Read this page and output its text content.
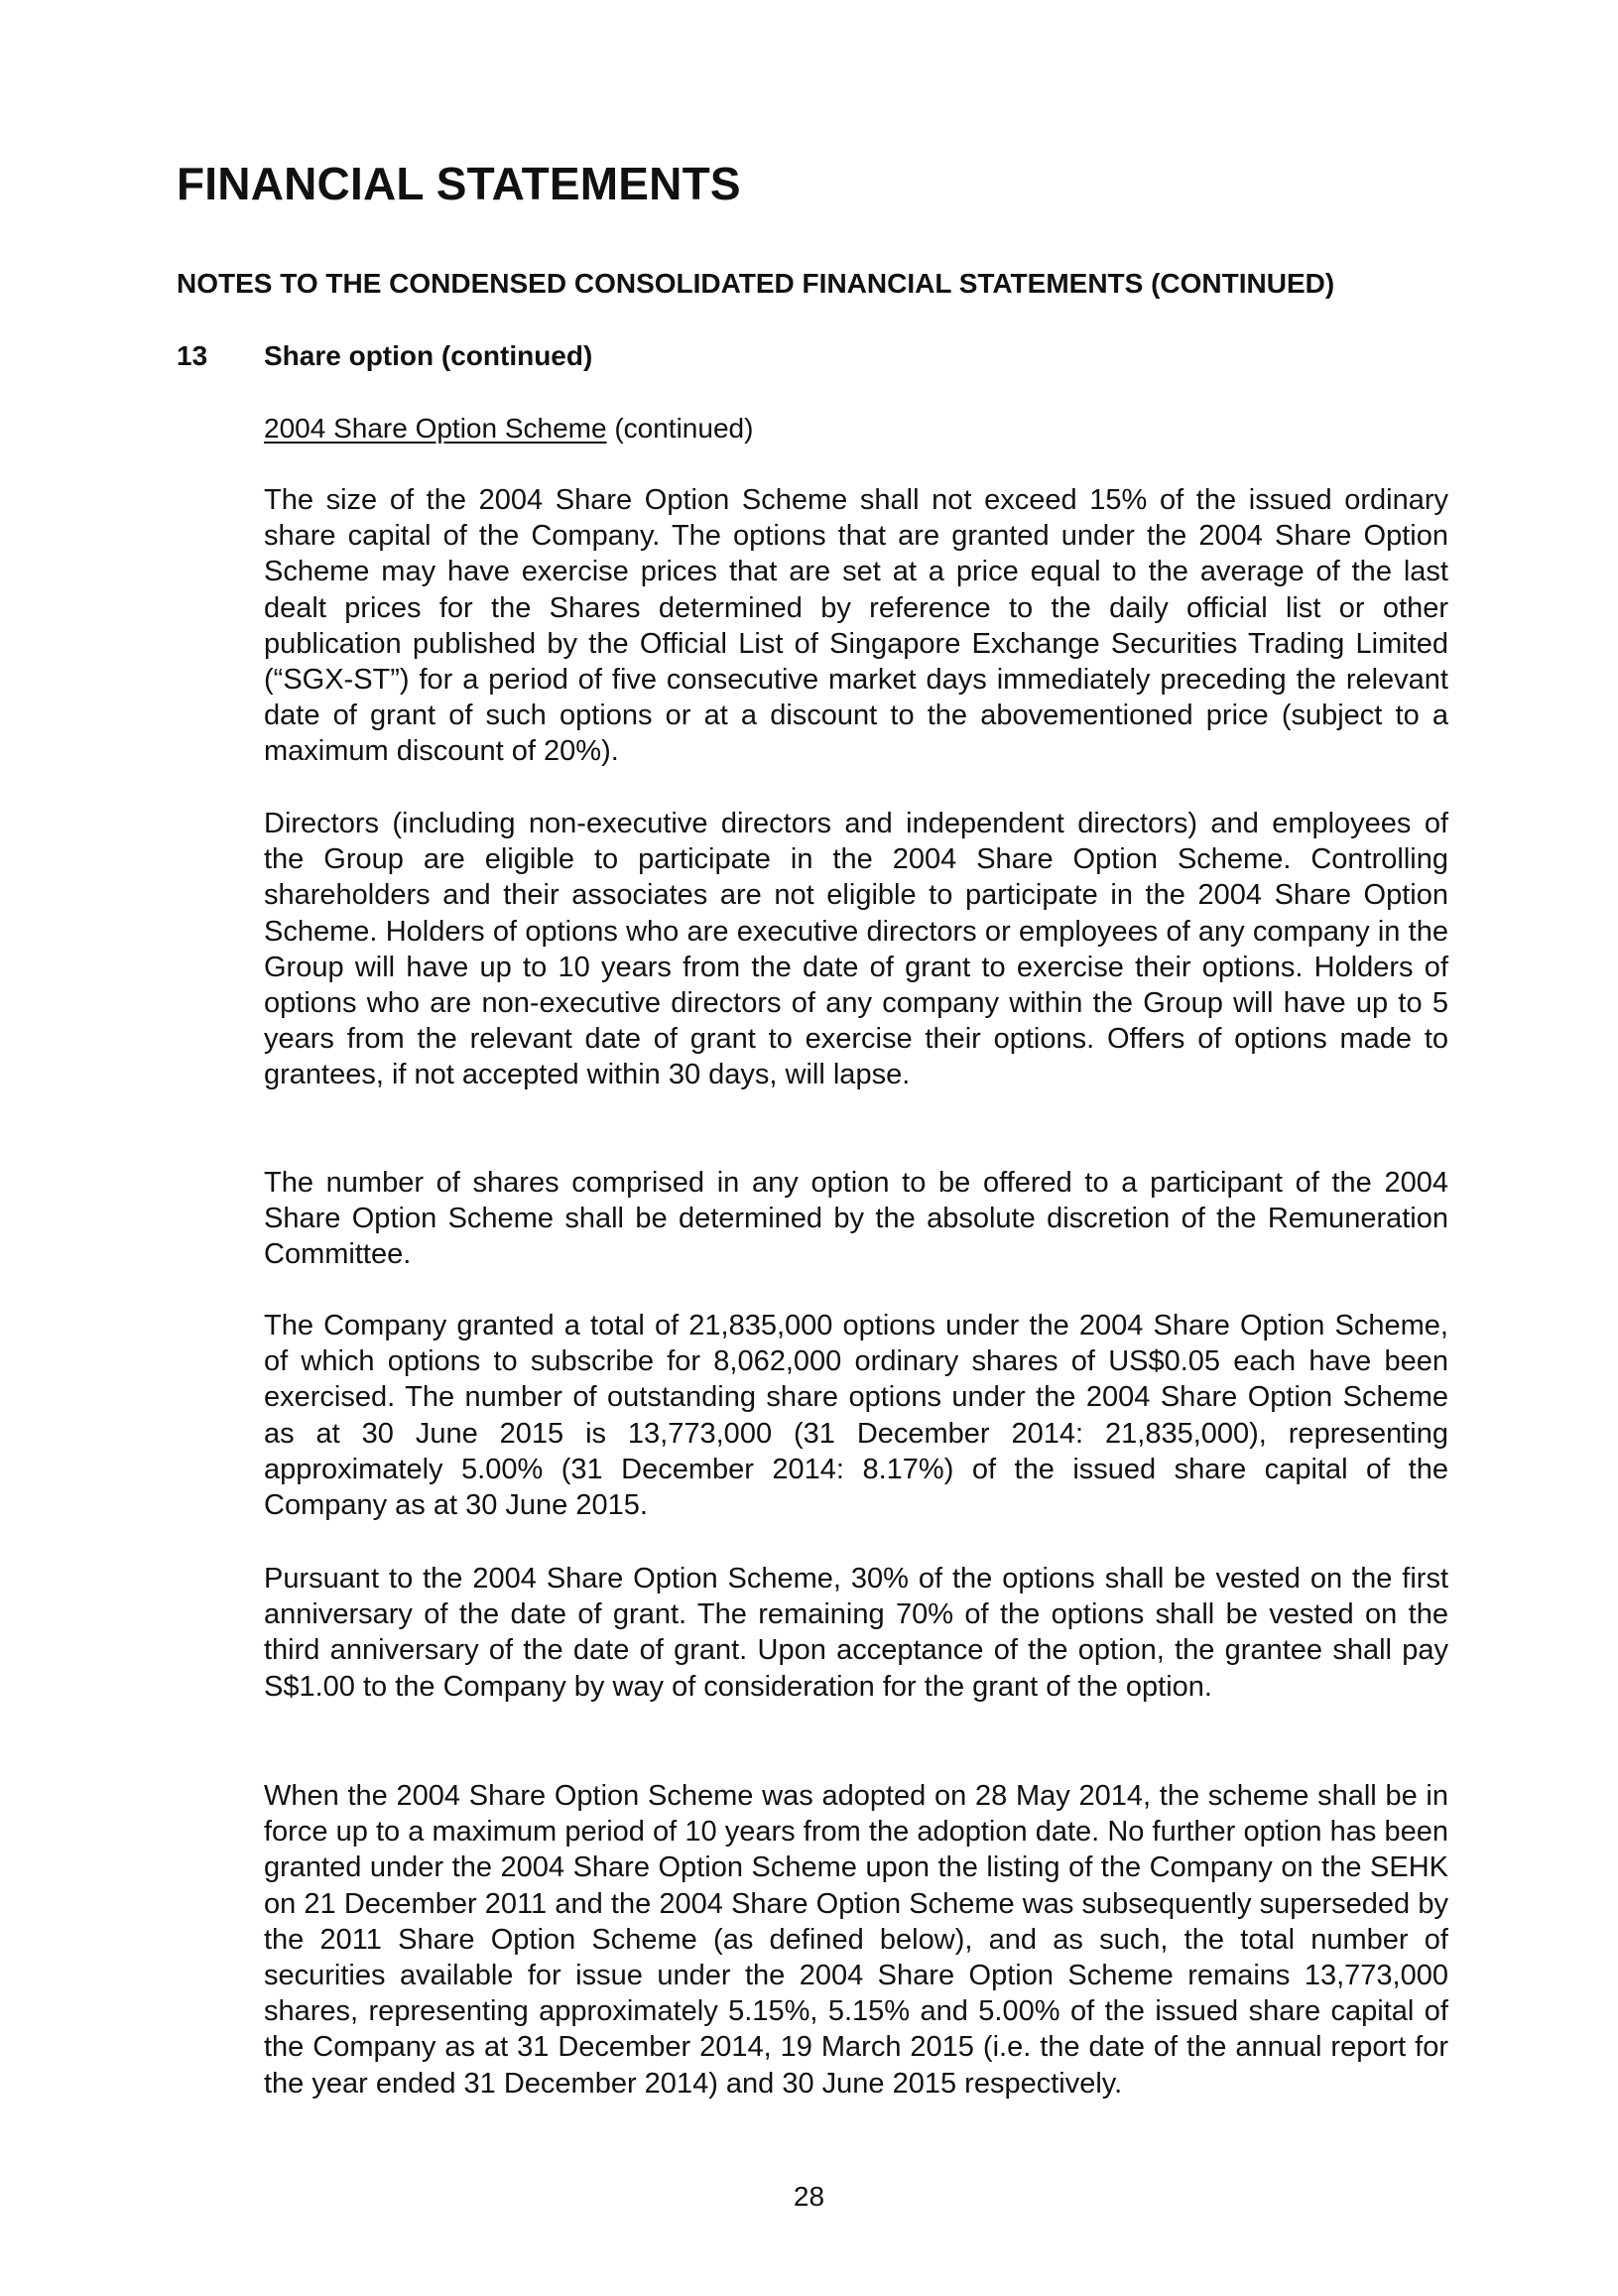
FINANCIAL STATEMENTS
NOTES TO THE CONDENSED CONSOLIDATED FINANCIAL STATEMENTS (CONTINUED)
13 Share option (continued)

2004 Share Option Scheme (continued)

The size of the 2004 Share Option Scheme shall not exceed 15% of the issued ordinary share capital of the Company. The options that are granted under the 2004 Share Option Scheme may have exercise prices that are set at a price equal to the average of the last dealt prices for the Shares determined by reference to the daily official list or other publication published by the Official List of Singapore Exchange Securities Trading Limited (“SGX-ST”) for a period of five consecutive market days immediately preceding the relevant date of grant of such options or at a discount to the abovementioned price (subject to a maximum discount of 20%).

Directors (including non-executive directors and independent directors) and employees of the Group are eligible to participate in the 2004 Share Option Scheme. Controlling shareholders and their associates are not eligible to participate in the 2004 Share Option Scheme. Holders of options who are executive directors or employees of any company in the Group will have up to 10 years from the date of grant to exercise their options. Holders of options who are non-executive directors of any company within the Group will have up to 5 years from the relevant date of grant to exercise their options. Offers of options made to grantees, if not accepted within 30 days, will lapse.

The number of shares comprised in any option to be offered to a participant of the 2004 Share Option Scheme shall be determined by the absolute discretion of the Remuneration Committee.

The Company granted a total of 21,835,000 options under the 2004 Share Option Scheme, of which options to subscribe for 8,062,000 ordinary shares of US$0.05 each have been exercised. The number of outstanding share options under the 2004 Share Option Scheme as at 30 June 2015 is 13,773,000 (31 December 2014: 21,835,000), representing approximately 5.00% (31 December 2014: 8.17%) of the issued share capital of the Company as at 30 June 2015.

Pursuant to the 2004 Share Option Scheme, 30% of the options shall be vested on the first anniversary of the date of grant. The remaining 70% of the options shall be vested on the third anniversary of the date of grant. Upon acceptance of the option, the grantee shall pay S$1.00 to the Company by way of consideration for the grant of the option.

When the 2004 Share Option Scheme was adopted on 28 May 2014, the scheme shall be in force up to a maximum period of 10 years from the adoption date. No further option has been granted under the 2004 Share Option Scheme upon the listing of the Company on the SEHK on 21 December 2011 and the 2004 Share Option Scheme was subsequently superseded by the 2011 Share Option Scheme (as defined below), and as such, the total number of securities available for issue under the 2004 Share Option Scheme remains 13,773,000 shares, representing approximately 5.15%, 5.15% and 5.00% of the issued share capital of the Company as at 31 December 2014, 19 March 2015 (i.e. the date of the annual report for the year ended 31 December 2014) and 30 June 2015 respectively.

28
